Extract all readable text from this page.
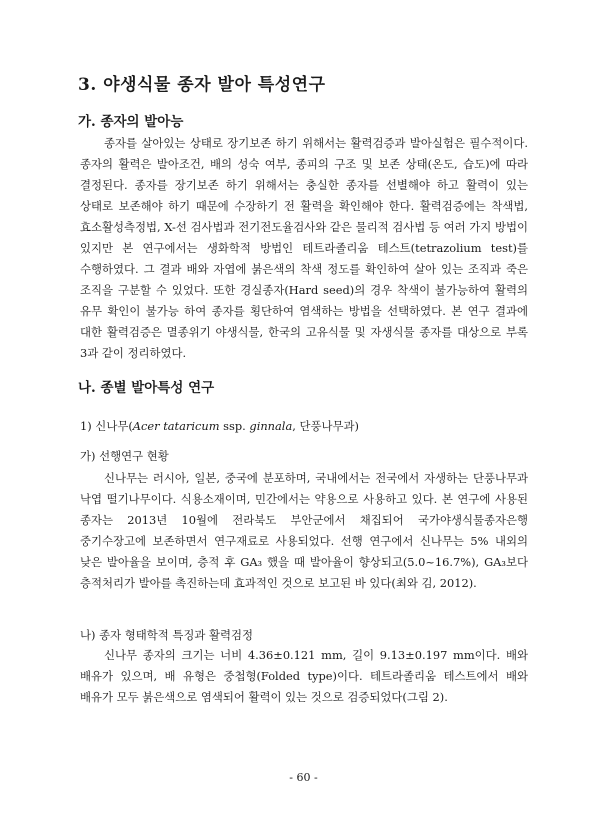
3. 야생식물 종자 발아 특성연구
가. 종자의 발아능

종자를 살아있는 상태로 장기보존 하기 위해서는 활력검증과 발아실험은 필수적이다. 종자의 활력은 발아조건, 배의 성숙 여부, 종피의 구조 및 보존 상태(온도, 습도)에 따라 결정된다. 종자를 장기보존 하기 위해서는 충실한 종자를 선별해야 하고 활력이 있는 상태로 보존해야 하기 때문에 수장하기 전 활력을 확인해야 한다. 활력검증에는 착색법, 효소활성측정법, X-선 검사법과 전기전도율검사와 같은 물리적 검사법 등 여러 가지 방법이 있지만 본 연구에서는 생화학적 방법인 테트라졸리움 테스트(tetrazolium test)를 수행하였다. 그 결과 배와 자엽에 붉은색의 착색 정도를 확인하여 살아 있는 조직과 죽은 조직을 구분할 수 있었다. 또한 경실종자(Hard seed)의 경우 착색이 불가능하여 활력의 유무 확인이 불가능 하여 종자를 횡단하여 염색하는 방법을 선택하였다. 본 연구 결과에 대한 활력검증은 멸종위기 야생식물, 한국의 고유식물 및 자생식물 종자를 대상으로 부록 3과 같이 정리하였다.

나. 종별 발아특성 연구

1) 신나무(Acer tataricum ssp. ginnala, 단풍나무과)

가) 선행연구 현황

신나무는 러시아, 일본, 중국에 분포하며, 국내에서는 전국에서 자생하는 단풍나무과 낙엽 떨기나무이다. 식용소재이며, 민간에서는 약용으로 사용하고 있다. 본 연구에 사용된 종자는 2013년 10월에 전라북도 부안군에서 채집되어 국가야생식물종자은행 중기수장고에 보존하면서 연구재료로 사용되었다. 선행 연구에서 신나무는 5% 내외의 낮은 발아율을 보이며, 층적 후 GA₃ 했을 때 발아율이 향상되고(5.0~16.7%), GA₃보다 층적처리가 발아를 촉진하는데 효과적인 것으로 보고된 바 있다(최와 김, 2012).

나) 종자 형태학적 특징과 활력검정

신나무 종자의 크기는 너비 4.36±0.121 mm, 길이 9.13±0.197 mm이다. 배와 배유가 있으며, 배 유형은 중첩형(Folded type)이다. 테트라졸리움 테스트에서 배와 배유가 모두 붉은색으로 염색되어 활력이 있는 것으로 검증되었다(그림 2).

- 60 -
